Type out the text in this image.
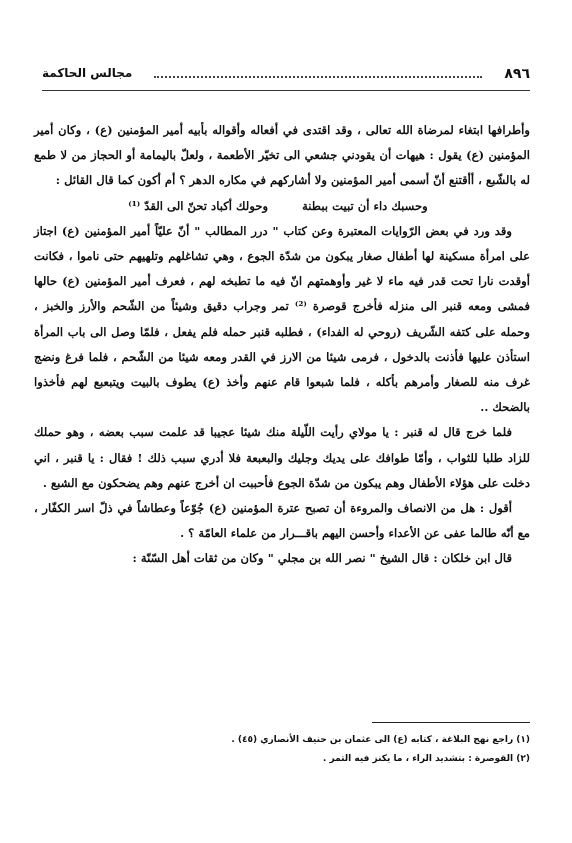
٨٩٦
مجالس الحاكمة

وأطرافها ابتغاء لمرضاة الله تعالى ، وقد اقتدى في أفعاله وأقواله بأبيه أمير المؤمنين (ع) ، وكان أمير المؤمنين (ع) يقول : هيهات أن يقودني جشعي الى تخيّر الأطعمة ، ولعلّ باليمامة أو الحجاز من لا طمع له بالشّبع ، أأقتنع أنّ أسمى أمير المؤمنين ولا أشاركهم في مكاره الدهر ؟ أم أكون كما قال القائل :

وحسبك داء أن تبيت ببطنة
وحولك أكباد تحنّ الى القدّ ⁽¹⁾

وقد ورد في بعض الرّوايات المعتبرة وعن كتاب " درر المطالب " أنّ عليّاً أمير المؤمنين (ع) اجتاز على امرأة مسكينة لها أطفال صغار يبكون من شدّة الجوع ، وهي تشاغلهم وتلهيهم حتى ناموا ، فكانت أوقدت نارا تحت قدر فيه ماء لا غير وأوهمتهم انّ فيه ما تطبخه لهم ، فعرف أمير المؤمنين (ع) حالها فمشى ومعه قنبر الى منزله فأخرج قوصرة ⁽²⁾ تمر وجراب دقيق وشيئاً من الشّحم والأرز والخبز ، وحمله على كتفه الشّريف (روحي له الفداء) ، فطلبه قنبر حمله فلم يفعل ، فلمّا وصل الى باب المرأة استأذن عليها فأذنت بالدخول ، فرمى شيئا من الارز في القدر ومعه شيئا من الشّحم ، فلما فرغ ونضج غرف منه للصغار وأمرهم بأكله ، فلما شبعوا قام عنهم وأخذ (ع) يطوف بالبيت ويتبعبع لهم فأخذوا بالضحك ..

فلما خرج قال له قنبر : يا مولاي رأيت اللّيلة منك شيئا عجيبا قد علمت سبب بعضه ، وهو حملك للزاد طلبا للثواب ، وأمّا طوافك على يديك وجليك والبعبعة فلا أدري سبب ذلك ! فقال : يا قنبر ، اني دخلت على هؤلاء الأطفال وهم يبكون من شدّة الجوع فأحببت ان أخرج عنهم وهم يضحكون مع الشبع .

أقول : هل من الانصاف والمروءة أن تصبح عترة المؤمنين (ع) جُوّعاً وعطاشاً في ذلّ اسر الكفّار ، مع أنّه طالما عفى عن الأعداء وأحسن اليهم باقـــرار من علماء العامّة ؟ .

قال ابن خلكان : قال الشيخ " نصر الله بن مجلي " وكان من ثقات أهل السّنّة :

(١) راجع نهج البلاغة ، كتابه (ع) الى عثمان بن حنيف الأنصاري (٤٥) .
(٢) القوصرة : بتشديد الراء ، ما يكنز فيه التمر .
